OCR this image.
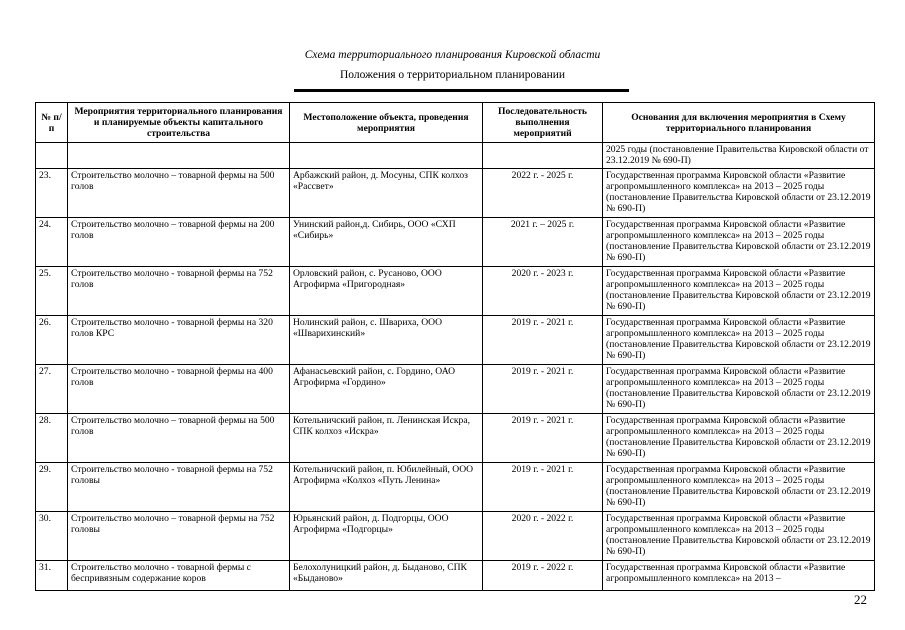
Схема территориального планирования Кировской области
Положения о территориальном планировании
№ п/п	Мероприятия территориального планирования и планируемые объекты капитального строительства	Местоположение объекта, проведения мероприятия	Последовательность выполнения мероприятий	Основания для включения мероприятия в Схему территориального планирования
				2025 годы (постановление Правительства Кировской области от 23.12.2019 № 690-П)
23.	Строительство молочно – товарной фермы на 500 голов	Арбажский район, д. Мосуны, СПК колхоз «Рассвет»	2022 г. - 2025 г.	Государственная программа Кировской области «Развитие агропромышленного комплекса» на 2013 – 2025 годы (постановление Правительства Кировской области от 23.12.2019 № 690-П)
24.	Строительство молочно – товарной фермы на 200 голов	Унинский район,д. Сибирь, ООО «СХП «Сибирь»	2021 г. – 2025 г.	Государственная программа Кировской области «Развитие агропромышленного комплекса» на 2013 – 2025 годы (постановление Правительства Кировской области от 23.12.2019 № 690-П)
25.	Строительство молочно - товарной фермы на 752 голов	Орловский район, с. Русаново, ООО Агрофирма «Пригородная»	2020 г. - 2023 г.	Государственная программа Кировской области «Развитие агропромышленного комплекса» на 2013 – 2025 годы (постановление Правительства Кировской области от 23.12.2019 № 690-П)
26.	Строительство молочно - товарной фермы на 320 голов КРС	Нолинский район, с. Швариха, ООО «Шварихинский»	2019 г. - 2021 г.	Государственная программа Кировской области «Развитие агропромышленного комплекса» на 2013 – 2025 годы (постановление Правительства Кировской области от 23.12.2019 № 690-П)
27.	Строительство молочно - товарной фермы на 400 голов	Афанасьевский район, с. Гордино, ОАО Агрофирма «Гордино»	2019 г. - 2021 г.	Государственная программа Кировской области «Развитие агропромышленного комплекса» на 2013 – 2025 годы (постановление Правительства Кировской области от 23.12.2019 № 690-П)
28.	Строительство молочно – товарной фермы на 500 голов	Котельничский район, п. Ленинская Искра, СПК колхоз «Искра»	2019 г. - 2021 г.	Государственная программа Кировской области «Развитие агропромышленного комплекса» на 2013 – 2025 годы (постановление Правительства Кировской области от 23.12.2019 № 690-П)
29.	Строительство молочно - товарной фермы на 752 головы	Котельничский район, п. Юбилейный, ООО Агрофирма «Колхоз «Путь Ленина»	2019 г. - 2021 г.	Государственная программа Кировской области «Развитие агропромышленного комплекса» на 2013 – 2025 годы (постановление Правительства Кировской области от 23.12.2019 № 690-П)
30.	Строительство молочно – товарной фермы на 752 головы	Юрьянский район, д. Подгорцы, ООО Агрофирма «Подгорцы»	2020 г. - 2022 г.	Государственная программа Кировской области «Развитие агропромышленного комплекса» на 2013 – 2025 годы (постановление Правительства Кировской области от 23.12.2019 № 690-П)
31.	Строительство молочно - товарной фермы с беспривязным содержание коров	Белохолуницкий район, д. Быданово, СПК «Быданово»	2019 г. - 2022 г.	Государственная программа Кировской области «Развитие агропромышленного комплекса» на 2013 –
22
